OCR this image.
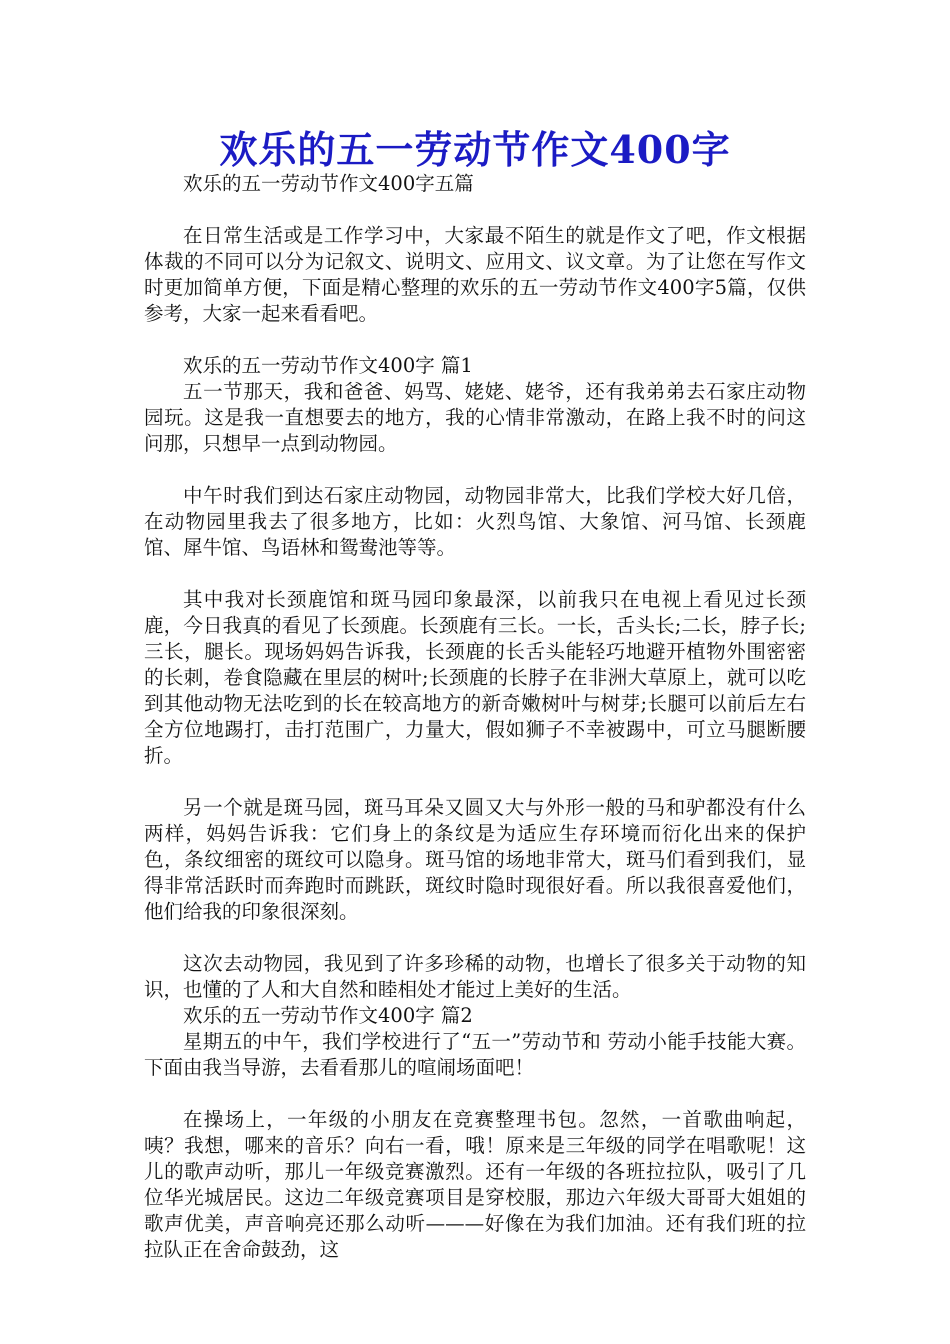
欢乐的五一劳动节作文400字

欢乐的五一劳动节作文400字五篇

在日常生活或是工作学习中，大家最不陌生的就是作文了吧，作文根据体裁的不同可以分为记叙文、说明文、应用文、议文章。为了让您在写作文时更加简单方便，下面是精心整理的欢乐的五一劳动节作文400字5篇，仅供参考，大家一起来看看吧。

欢乐的五一劳动节作文400字 篇1

五一节那天，我和爸爸、妈骂、姥姥、姥爷，还有我弟弟去石家庄动物园玩。这是我一直想要去的地方，我的心情非常激动，在路上我不时的问这问那，只想早一点到动物园。

中午时我们到达石家庄动物园，动物园非常大，比我们学校大好几倍，在动物园里我去了很多地方，比如：火烈鸟馆、大象馆、河马馆、长颈鹿馆、犀牛馆、鸟语林和鸳鸯池等等。

其中我对长颈鹿馆和斑马园印象最深，以前我只在电视上看见过长颈鹿，今日我真的看见了长颈鹿。长颈鹿有三长。一长，舌头长;二长，脖子长;三长，腿长。现场妈妈告诉我，长颈鹿的长舌头能轻巧地避开植物外围密密的长刺，卷食隐藏在里层的树叶;长颈鹿的长脖子在非洲大草原上，就可以吃到其他动物无法吃到的长在较高地方的新奇嫩树叶与树芽;长腿可以前后左右全方位地踢打，击打范围广，力量大，假如狮子不幸被踢中，可立马腿断腰折。

另一个就是斑马园，斑马耳朵又圆又大与外形一般的马和驴都没有什么两样，妈妈告诉我：它们身上的条纹是为适应生存环境而衍化出来的保护色，条纹细密的斑纹可以隐身。斑马馆的场地非常大，斑马们看到我们，显得非常活跃时而奔跑时而跳跃，斑纹时隐时现很好看。所以我很喜爱他们，他们给我的印象很深刻。

这次去动物园，我见到了许多珍稀的动物，也增长了很多关于动物的知识，也懂的了人和大自然和睦相处才能过上美好的生活。

欢乐的五一劳动节作文400字 篇2

星期五的中午，我们学校进行了“五一”劳动节和 劳动小能手技能大赛。下面由我当导游，去看看那儿的喧闹场面吧！

在操场上，一年级的小朋友在竞赛整理书包。忽然，一首歌曲响起，咦？我想，哪来的音乐？向右一看，哦！原来是三年级的同学在唱歌呢！这儿的歌声动听，那儿一年级竞赛激烈。还有一年级的各班拉拉队，吸引了几位华光城居民。这边二年级竞赛项目是穿校服，那边六年级大哥哥大姐姐的歌声优美，声音响亮还那么动听———好像在为我们加油。还有我们班的拉拉队正在舍命鼓劲，这
